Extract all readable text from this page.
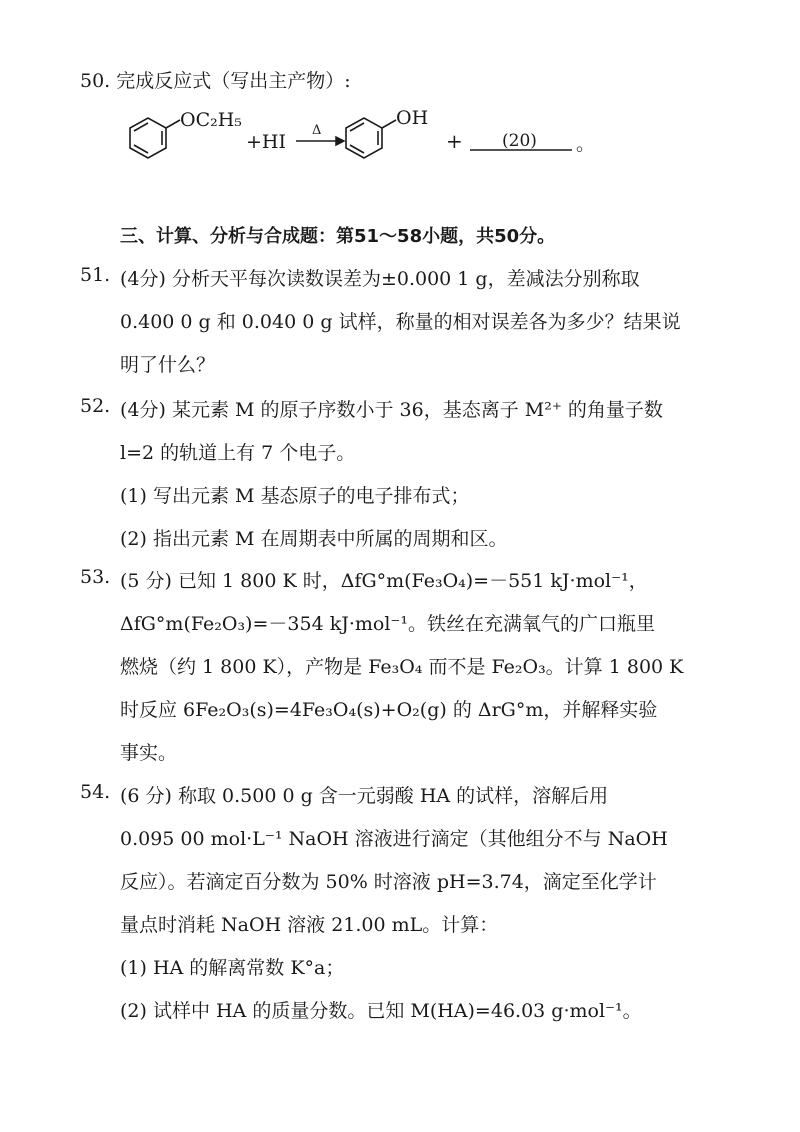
50. 完成反应式（写出主产物）:
OC₂H₅
+HI
Δ
OH
+ (20) 。
三、计算、分析与合成题：第51～58小题，共50分。
51. (4分) 分析天平每次读数误差为±0.000 1 g，差减法分别称取
0.400 0 g 和 0.040 0 g 试样，称量的相对误差各为多少？结果说
明了什么？
52. (4分) 某元素 M 的原子序数小于 36，基态离子 M²⁺ 的角量子数
l=2 的轨道上有 7 个电子。
(1) 写出元素 M 基态原子的电子排布式；
(2) 指出元素 M 在周期表中所属的周期和区。
53. (5 分) 已知 1 800 K 时，ΔfG°m(Fe₃O₄)=－551 kJ·mol⁻¹，
ΔfG°m(Fe₂O₃)=－354 kJ·mol⁻¹。铁丝在充满氧气的广口瓶里
燃烧（约 1 800 K），产物是 Fe₃O₄ 而不是 Fe₂O₃。计算 1 800 K
时反应 6Fe₂O₃(s)=4Fe₃O₄(s)+O₂(g) 的 ΔrG°m，并解释实验
事实。
54. (6 分) 称取 0.500 0 g 含一元弱酸 HA 的试样，溶解后用
0.095 00 mol·L⁻¹ NaOH 溶液进行滴定（其他组分不与 NaOH
反应）。若滴定百分数为 50% 时溶液 pH=3.74，滴定至化学计
量点时消耗 NaOH 溶液 21.00 mL。计算：
(1) HA 的解离常数 K°a；
(2) 试样中 HA 的质量分数。已知 M(HA)=46.03 g·mol⁻¹。
